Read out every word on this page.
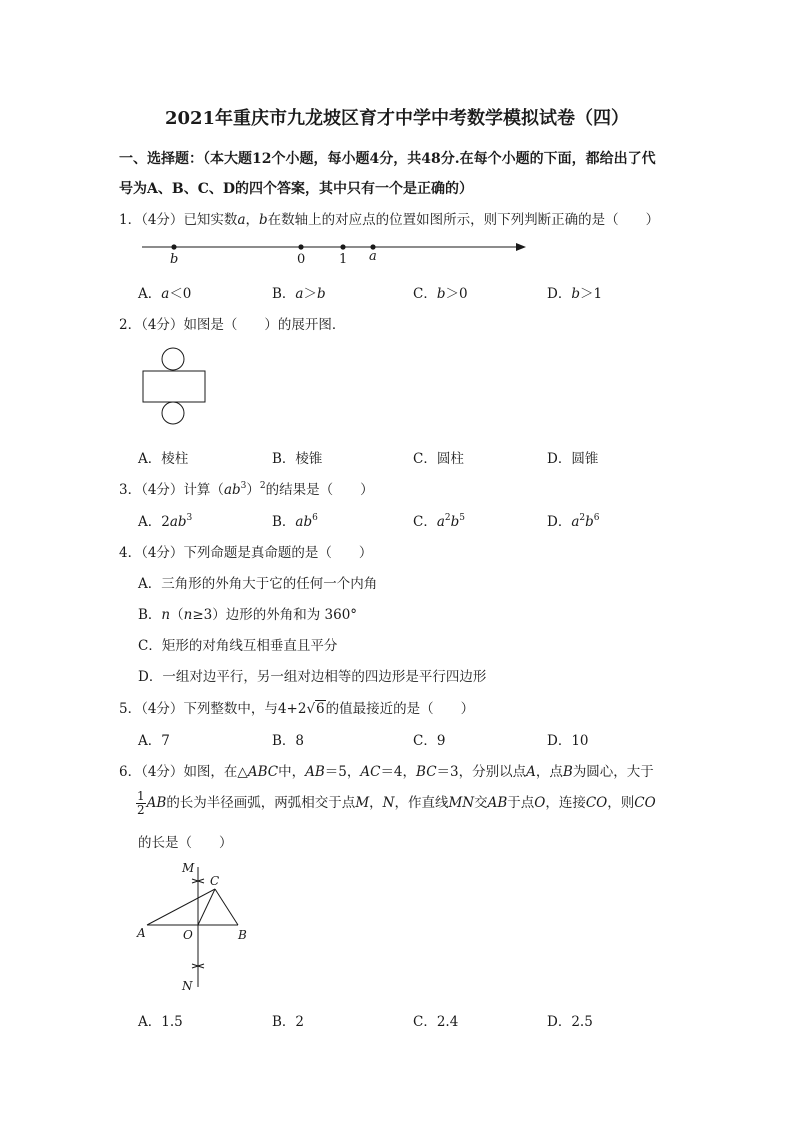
2021年重庆市九龙坡区育才中学中考数学模拟试卷（四）
一、选择题：（本大题12个小题，每小题4分，共48分.在每个小题的下面，都给出了代
号为A、B、C、D的四个答案，其中只有一个是正确的）
1．（4分）已知实数a，b在数轴上的对应点的位置如图所示，则下列判断正确的是（　　）
b	0	1 a
A．a＜0	B．a＞b	C．b＞0	D．b＞1
2．（4分）如图是（　　）的展开图．
A．棱柱	B．棱锥	C．圆柱	D．圆锥
3．（4分）计算$(ab^3)^2$的结果是（　　）
A．$2ab^3$	B．$ab^6$	C．$a^2b^5$	D．$a^2b^6$
4．（4分）下列命题是真命题的是（　　）
A．三角形的外角大于它的任何一个内角
B．n（n≥3）边形的外角和为 360°
C．矩形的对角线互相垂直且平分
D．一组对边平行，另一组对边相等的四边形是平行四边形
5．（4分）下列整数中，与4+2√6的值最接近的是（　　）
A．7	B．8	C．9	D．10
6．（4分）如图，在△ABC中，AB＝5，AC＝4，BC＝3，分别以点A，点B为圆心，大于
$\frac{1}{2}$ AB的长为半径画弧，两弧相交于点M，N，作直线MN交AB于点O，连接CO，则CO
的长是（　　）
M
C
A	O	B
N
A．1.5	B．2	C．2.4	D．2.5
